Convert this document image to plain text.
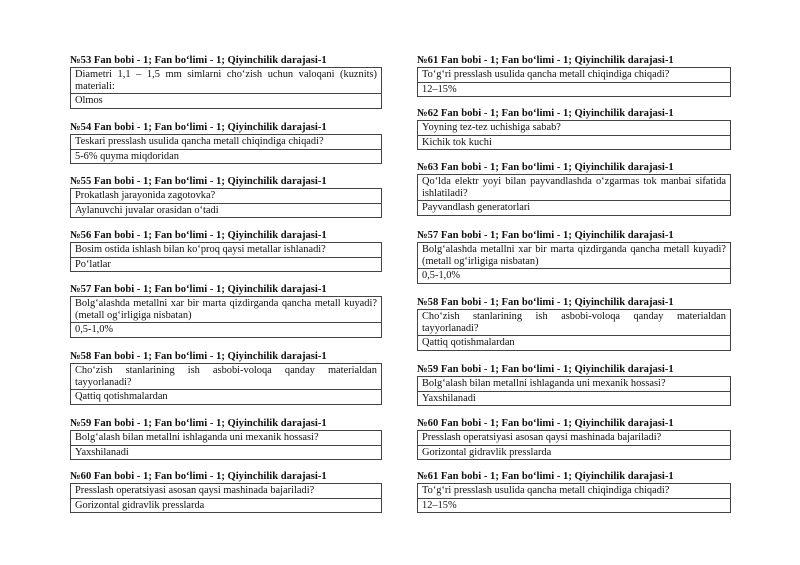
№53 Fan bobi - 1; Fan bo‘limi - 1; Qiyinchilik darajasi-1
Diametri 1,1 – 1,5 mm simlarni cho‘zish uchun valoqani (kuznits) materiali:
Olmos
№54 Fan bobi - 1; Fan bo‘limi - 1; Qiyinchilik darajasi-1
Teskari presslash usulida qancha metall chiqindiga chiqadi?
5-6% quyma miqdoridan
№55 Fan bobi - 1; Fan bo‘limi - 1; Qiyinchilik darajasi-1
Prokatlash jarayonida zagotovka?
Aylanuvchi juvalar orasidan o‘tadi
№56 Fan bobi - 1; Fan bo‘limi - 1; Qiyinchilik darajasi-1
Bosim ostida ishlash bilan ko‘proq qaysi metallar ishlanadi?
Po‘latlar
№57 Fan bobi - 1; Fan bo‘limi - 1; Qiyinchilik darajasi-1
Bolg‘alashda metallni xar bir marta qizdirganda qancha metall kuyadi? (metall og‘irligiga nisbatan)
0,5-1,0%
№58 Fan bobi - 1; Fan bo‘limi - 1; Qiyinchilik darajasi-1
Cho‘zish stanlarining ish asbobi-voloqa qanday materialdan tayyorlanadi?
Qattiq qotishmalardan
№59 Fan bobi - 1; Fan bo‘limi - 1; Qiyinchilik darajasi-1
Bolg‘alash bilan metallni ishlaganda uni mexanik hossasi?
Yaxshilanadi
№60 Fan bobi - 1; Fan bo‘limi - 1; Qiyinchilik darajasi-1
Presslash operatsiyasi asosan qaysi mashinada bajariladi?
Gorizontal gidravlik presslarda
№61 Fan bobi - 1; Fan bo‘limi - 1; Qiyinchilik darajasi-1
To‘g‘ri presslash usulida qancha metall chiqindiga chiqadi?
12–15%
№62 Fan bobi - 1; Fan bo‘limi - 1; Qiyinchilik darajasi-1
Yoyning tez-tez uchishiga sabab?
Kichik tok kuchi
№63 Fan bobi - 1; Fan bo‘limi - 1; Qiyinchilik darajasi-1
Qo‘lda elektr yoyi bilan payvandlashda o‘zgarmas tok manbai sifatida ishlatiladi?
Payvandlash generatorlari
№57 Fan bobi - 1; Fan bo‘limi - 1; Qiyinchilik darajasi-1
Bolg‘alashda metallni xar bir marta qizdirganda qancha metall kuyadi? (metall og‘irligiga nisbatan)
0,5-1,0%
№58 Fan bobi - 1; Fan bo‘limi - 1; Qiyinchilik darajasi-1
Cho‘zish stanlarining ish asbobi-voloqa qanday materialdan tayyorlanadi?
Qattiq qotishmalardan
№59 Fan bobi - 1; Fan bo‘limi - 1; Qiyinchilik darajasi-1
Bolg‘alash bilan metallni ishlaganda uni mexanik hossasi?
Yaxshilanadi
№60 Fan bobi - 1; Fan bo‘limi - 1; Qiyinchilik darajasi-1
Presslash operatsiyasi asosan qaysi mashinada bajariladi?
Gorizontal gidravlik presslarda
№61 Fan bobi - 1; Fan bo‘limi - 1; Qiyinchilik darajasi-1
To‘g‘ri presslash usulida qancha metall chiqindiga chiqadi?
12–15%
